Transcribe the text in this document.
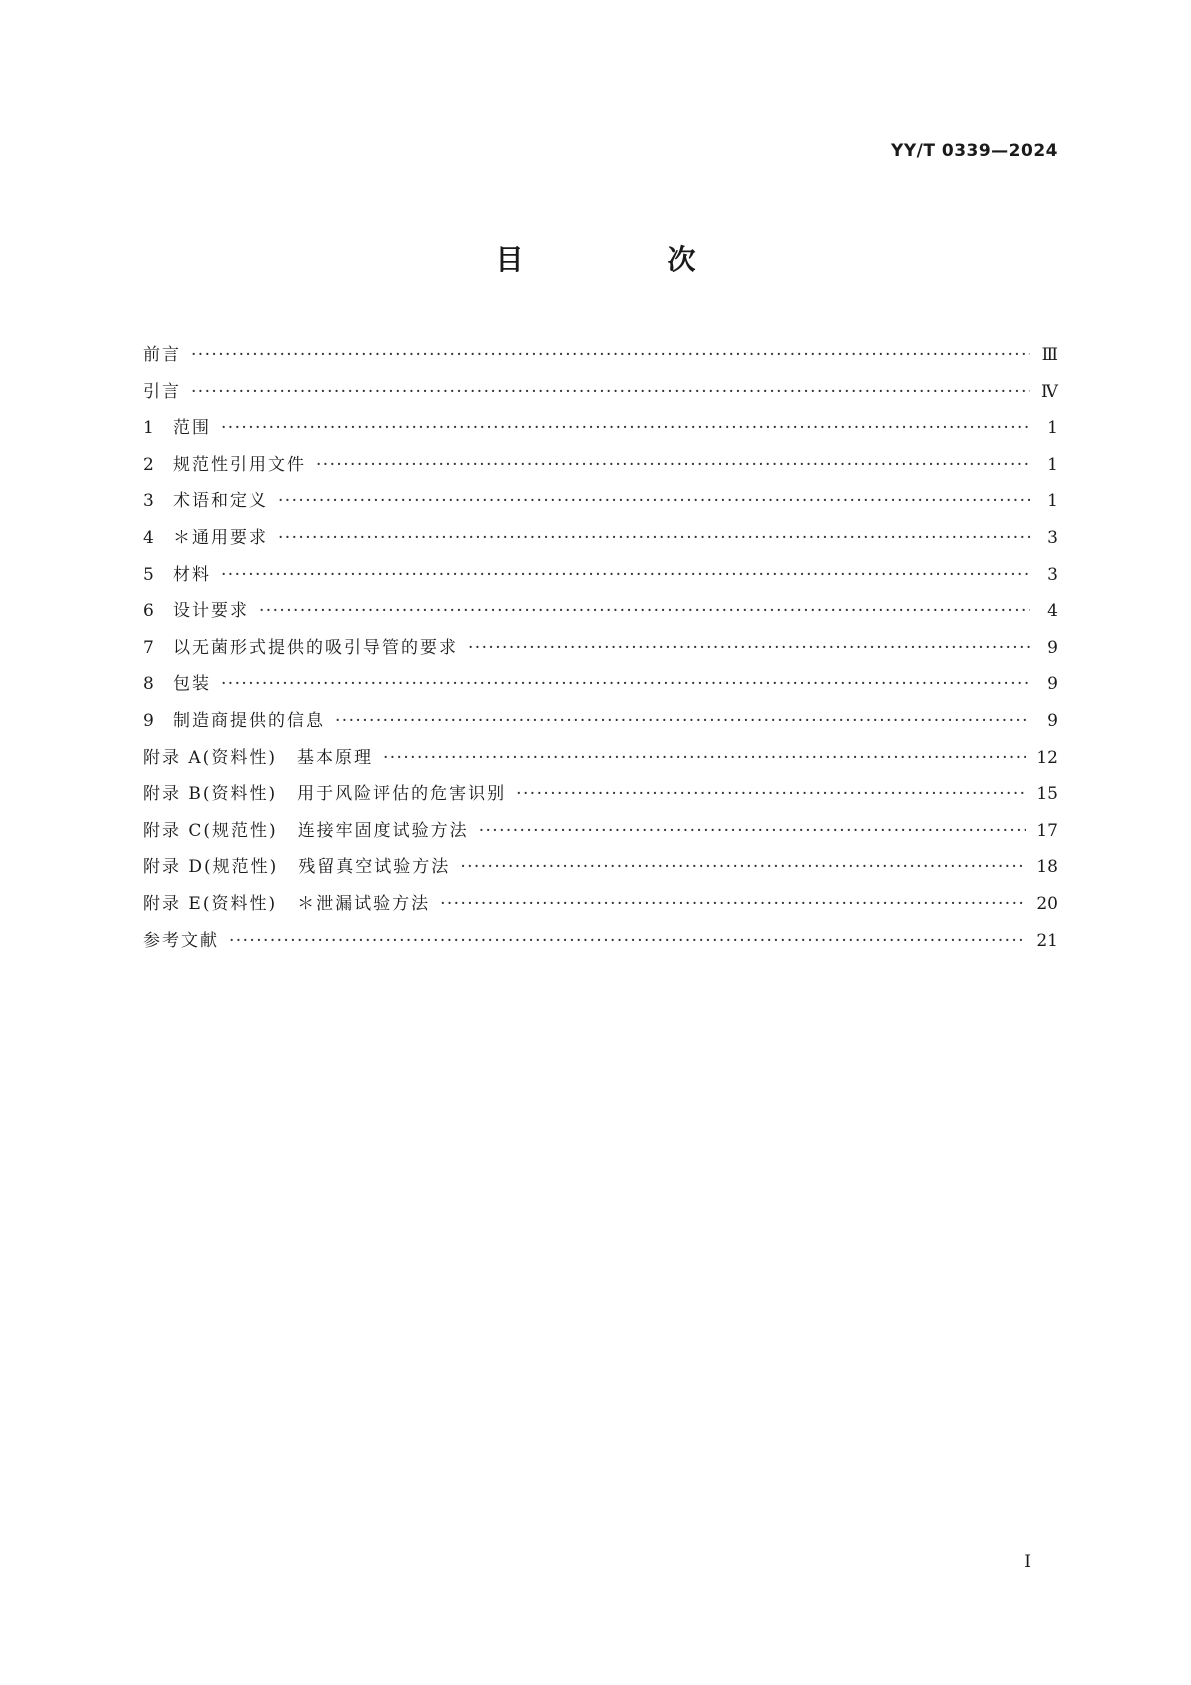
YY/T 0339—2024
目　次
前言 ·····	Ⅲ
引言 ·····	Ⅳ
1	范围 ·····	1
2	规范性引用文件 ·····	1
3	术语和定义 ·····	1
4	＊通用要求 ·····	3
5	材料 ·····	3
6	设计要求 ·····	4
7	以无菌形式提供的吸引导管的要求 ·····	9
8	包装 ·····	9
9	制造商提供的信息 ·····	9
附录 A(资料性) 基本原理 ·····	12
附录 B(资料性) 用于风险评估的危害识别 ·····	15
附录 C(规范性) 连接牢固度试验方法 ·····	17
附录 D(规范性) 残留真空试验方法 ·····	18
附录 E(资料性) ＊泄漏试验方法 ·····	20
参考文献 ·····	21
Ⅰ
